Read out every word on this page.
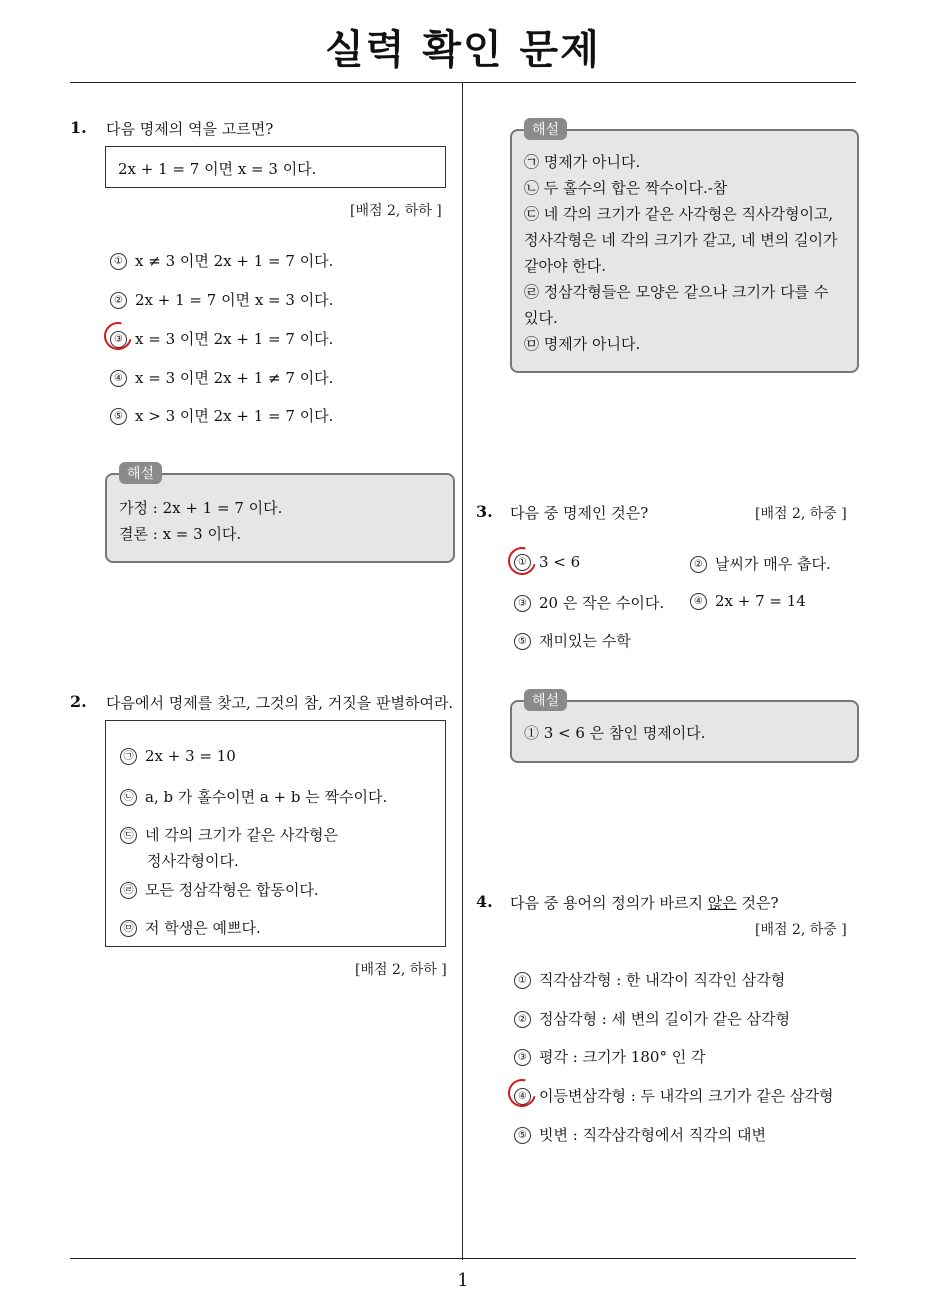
실력 확인 문제
1
1. 다음 명제의 역을 고르면?
2x + 1 = 7 이면 x = 3 이다.
[배점 2, 하하 ]
① x ≠ 3 이면 2x + 1 = 7 이다.
② 2x + 1 = 7 이면 x = 3 이다.
③ x = 3 이면 2x + 1 = 7 이다.
④ x = 3 이면 2x + 1 ≠ 7 이다.
⑤ x > 3 이면 2x + 1 = 7 이다.
가정 : 2x + 1 = 7 이다.
결론 : x = 3 이다.
해설
2. 다음에서 명제를 찾고, 그것의 참, 거짓을 판별하여라.
㉠ 2x + 3 = 10
㉡ a, b 가 홀수이면 a + b 는 짝수이다.
㉢ 네 각의 크기가 같은 사각형은
정사각형이다.
㉣ 모든 정삼각형은 합동이다.
㉤ 저 학생은 예쁘다.
[배점 2, 하하 ]
㉠ 명제가 아니다.
㉡ 두 홀수의 합은 짝수이다.-참
㉢ 네 각의 크기가 같은 사각형은 직사각형이고,
정사각형은 네 각의 크기가 같고, 네 변의 길이가
같아야 한다.
㉣ 정삼각형들은 모양은 같으나 크기가 다를 수
있다.
㉤ 명제가 아니다.
해설
3. 다음 중 명제인 것은?	[배점 2, 하중 ]
① 3 < 6	② 날씨가 매우 춥다.
③ 20 은 작은 수이다.	④ 2x + 7 = 14
⑤ 재미있는 수학
① 3 < 6 은 참인 명제이다.
해설
4. 다음 중 용어의 정의가 바르지 않은 것은?
[배점 2, 하중 ]
① 직각삼각형 : 한 내각이 직각인 삼각형
② 정삼각형 : 세 변의 길이가 같은 삼각형
③ 평각 : 크기가 180° 인 각
④ 이등변삼각형 : 두 내각의 크기가 같은 삼각형
⑤ 빗변 : 직각삼각형에서 직각의 대변
